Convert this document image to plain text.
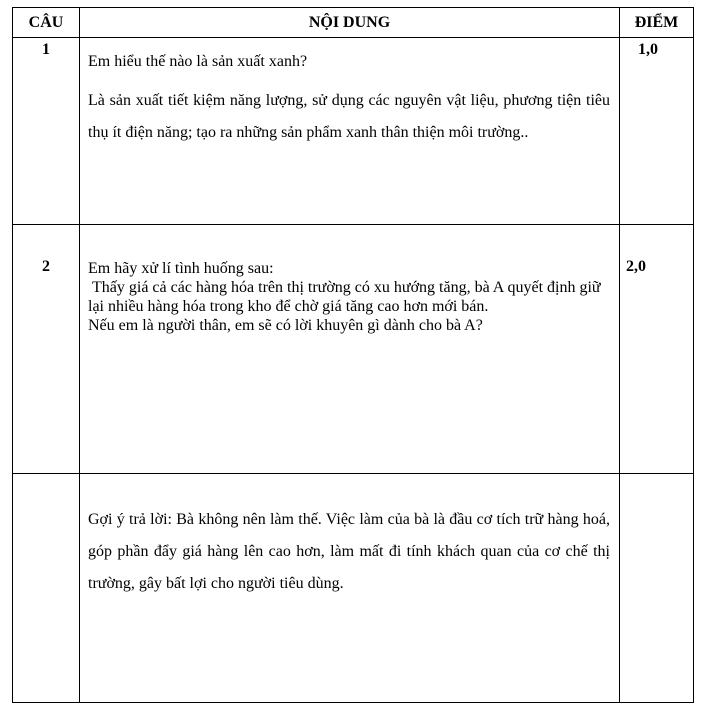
CÂU	NỘI DUNG	ĐIỂM

1	Em hiểu thế nào là sản xuất xanh?

Là sản xuất tiết kiệm năng lượng, sử dụng các nguyên vật liệu, phương tiện tiêu thụ ít điện năng; tạo ra những sản phẩm xanh thân thiện môi trường..	1,0

2	Em hãy xử lí tình huống sau:

Thấy giá cả các hàng hóa trên thị trường có xu hướng tăng, bà A quyết định giữ lại nhiều hàng hóa trong kho để chờ giá tăng cao hơn mới bán.

Nếu em là người thân, em sẽ có lời khuyên gì dành cho bà A?	2,0

	Gợi ý trả lời: Bà không nên làm thế. Việc làm của bà là đầu cơ tích trữ hàng hoá, góp phần đẩy giá hàng lên cao hơn, làm mất đi tính khách quan của cơ chế thị trường, gây bất lợi cho người tiêu dùng.	
